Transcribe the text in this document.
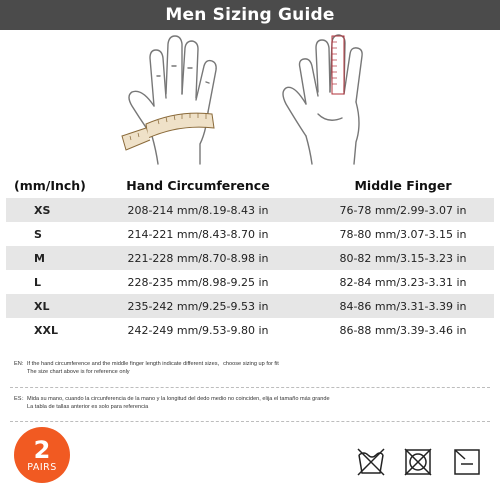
Men Sizing Guide
(mm/Inch)	Hand Circumference	Middle Finger
XS	208-214 mm/8.19-8.43 in	76-78 mm/2.99-3.07 in
S	214-221 mm/8.43-8.70 in	78-80 mm/3.07-3.15 in
M	221-228 mm/8.70-8.98 in	80-82 mm/3.15-3.23 in
L	228-235 mm/8.98-9.25 in	82-84 mm/3.23-3.31 in
XL	235-242 mm/9.25-9.53 in	84-86 mm/3.31-3.39 in
XXL	242-249 mm/9.53-9.80 in	86-88 mm/3.39-3.46 in
EN: If the hand circumference and the middle finger length indicate different sizes，choose sizing up for fit
The size chart above is for reference only
ES：Mida su mano, cuando la circunferencia de la mano y la longitud del dedo medio no coinciden, elija el tamaño más grande
La tabla de tallas anterior es solo para referencia
2
PAIRS
